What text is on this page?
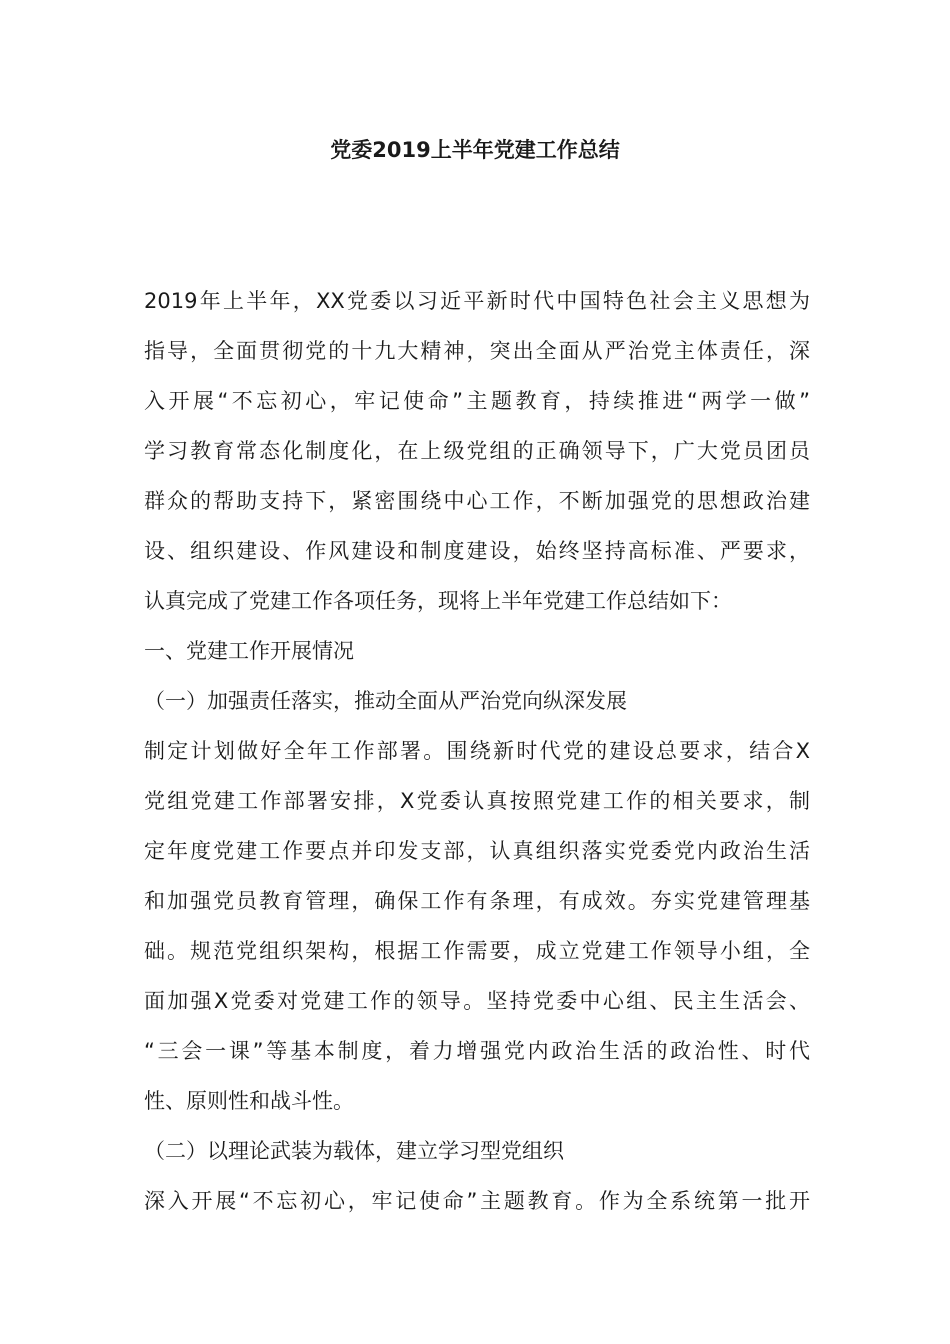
党委2019上半年党建工作总结
2019年上半年，XX党委以习近平新时代中国特色社会主义思想为
指导，全面贯彻党的十九大精神，突出全面从严治党主体责任，深
入开展“不忘初心，牢记使命”主题教育，持续推进“两学一做”
学习教育常态化制度化，在上级党组的正确领导下，广大党员团员
群众的帮助支持下，紧密围绕中心工作，不断加强党的思想政治建
设、组织建设、作风建设和制度建设，始终坚持高标准、严要求，
认真完成了党建工作各项任务，现将上半年党建工作总结如下：
一、党建工作开展情况
（一）加强责任落实，推动全面从严治党向纵深发展
制定计划做好全年工作部署。围绕新时代党的建设总要求，结合X
党组党建工作部署安排，X党委认真按照党建工作的相关要求，制
定年度党建工作要点并印发支部，认真组织落实党委党内政治生活
和加强党员教育管理，确保工作有条理，有成效。夯实党建管理基
础。规范党组织架构，根据工作需要，成立党建工作领导小组，全
面加强X党委对党建工作的领导。坚持党委中心组、民主生活会、
“三会一课”等基本制度，着力增强党内政治生活的政治性、时代
性、原则性和战斗性。
（二）以理论武装为载体，建立学习型党组织
深入开展“不忘初心，牢记使命”主题教育。作为全系统第一批开
